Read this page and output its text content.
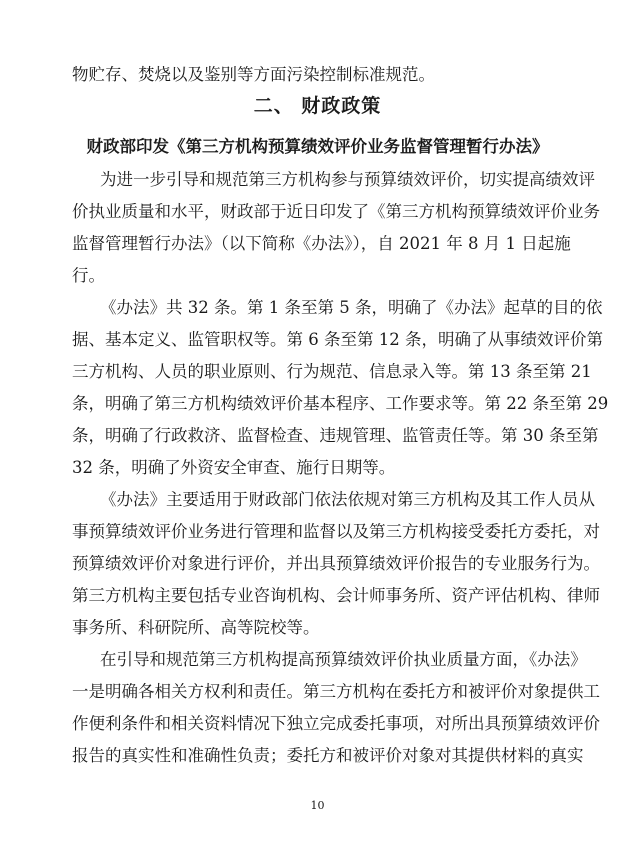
物贮存、焚烧以及鉴别等方面污染控制标准规范。
二、 财政政策
财政部印发《第三方机构预算绩效评价业务监督管理暂行办法》
为进一步引导和规范第三方机构参与预算绩效评价，切实提高绩效评
价执业质量和水平，财政部于近日印发了《第三方机构预算绩效评价业务
监督管理暂行办法》（以下简称《办法》），自 2021 年 8 月 1 日起施
行。
《办法》共 32 条。第 1 条至第 5 条，明确了《办法》起草的目的依
据、基本定义、监管职权等。第 6 条至第 12 条，明确了从事绩效评价第
三方机构、人员的职业原则、行为规范、信息录入等。第 13 条至第 21
条，明确了第三方机构绩效评价基本程序、工作要求等。第 22 条至第 29
条，明确了行政救济、监督检查、违规管理、监管责任等。第 30 条至第
32 条，明确了外资安全审查、施行日期等。
《办法》主要适用于财政部门依法依规对第三方机构及其工作人员从
事预算绩效评价业务进行管理和监督以及第三方机构接受委托方委托，对
预算绩效评价对象进行评价，并出具预算绩效评价报告的专业服务行为。
第三方机构主要包括专业咨询机构、会计师事务所、资产评估机构、律师
事务所、科研院所、高等院校等。
在引导和规范第三方机构提高预算绩效评价执业质量方面，《办法》
一是明确各相关方权利和责任。第三方机构在委托方和被评价对象提供工
作便利条件和相关资料情况下独立完成委托事项，对所出具预算绩效评价
报告的真实性和准确性负责；委托方和被评价对象对其提供材料的真实
10
